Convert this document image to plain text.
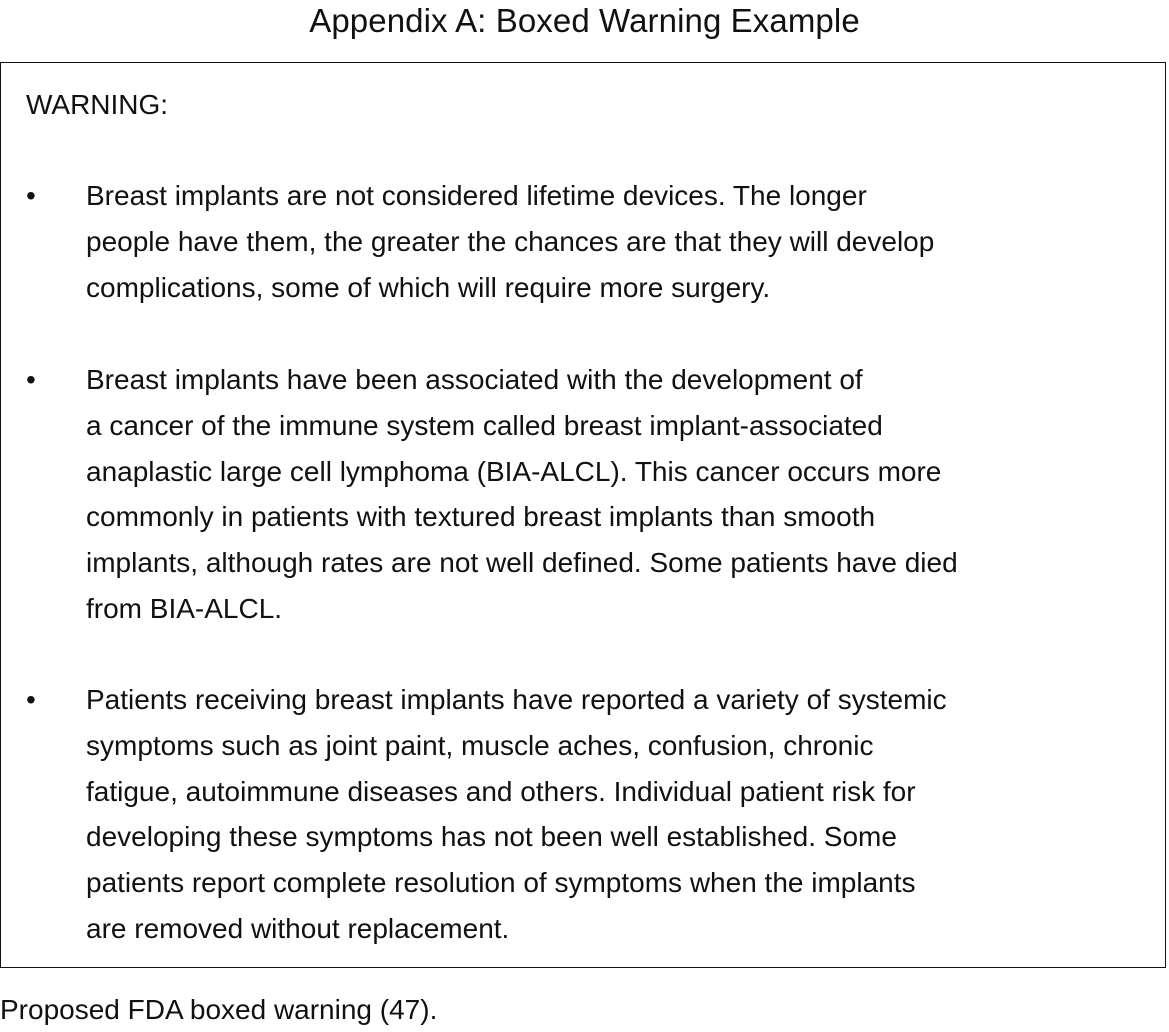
Appendix A: Boxed Warning Example
WARNING:
• Breast implants are not considered lifetime devices. The longer
people have them, the greater the chances are that they will develop
complications, some of which will require more surgery.
• Breast implants have been associated with the development of
a cancer of the immune system called breast implant-associated
anaplastic large cell lymphoma (BIA-ALCL). This cancer occurs more
commonly in patients with textured breast implants than smooth
implants, although rates are not well defined. Some patients have died
from BIA-ALCL.
• Patients receiving breast implants have reported a variety of systemic
symptoms such as joint paint, muscle aches, confusion, chronic
fatigue, autoimmune diseases and others. Individual patient risk for
developing these symptoms has not been well established. Some
patients report complete resolution of symptoms when the implants
are removed without replacement.
Proposed FDA boxed warning (47).
